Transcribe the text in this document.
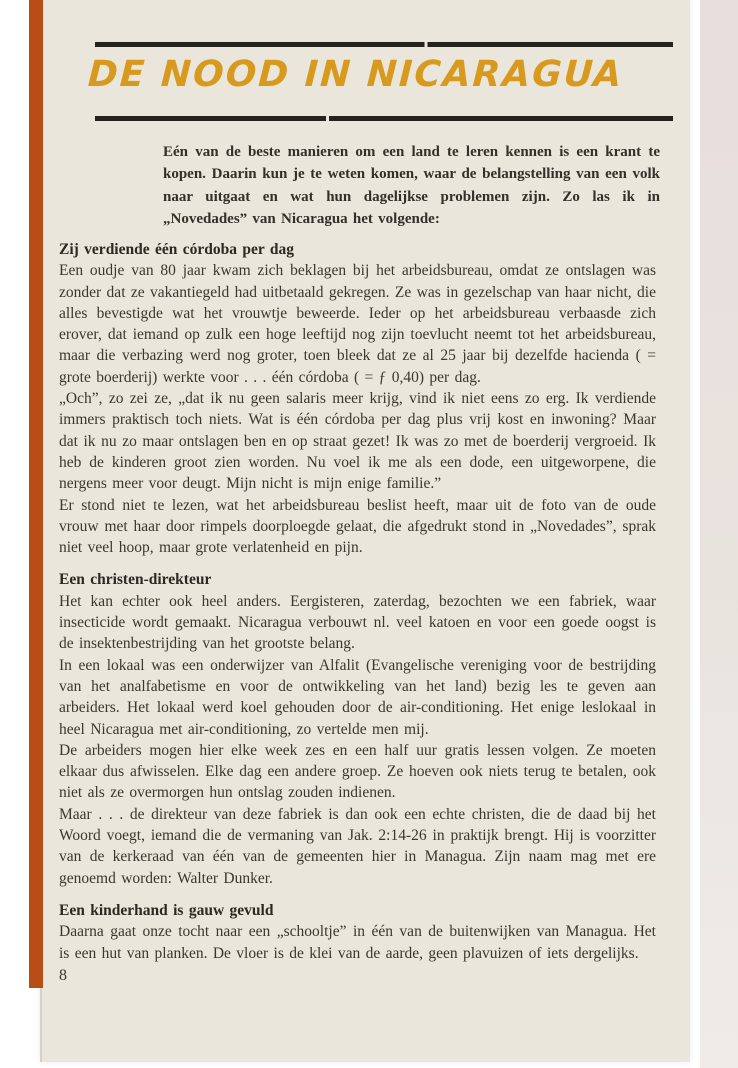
DE NOOD IN NICARAGUA

Eén van de beste manieren om een land te leren kennen is een krant te kopen. Daarin kun je te weten komen, waar de belangstelling van een volk naar uitgaat en wat hun dagelijkse problemen zijn. Zo las ik in „Novedades” van Nicaragua het volgende:

Zij verdiende één córdoba per dag

Een oudje van 80 jaar kwam zich beklagen bij het arbeidsbureau, omdat ze ontslagen was zonder dat ze vakantiegeld had uitbetaald gekregen. Ze was in gezelschap van haar nicht, die alles bevestigde wat het vrouwtje beweerde. Ieder op het arbeidsbureau verbaasde zich erover, dat iemand op zulk een hoge leeftijd nog zijn toevlucht neemt tot het arbeidsbureau, maar die verbazing werd nog groter, toen bleek dat ze al 25 jaar bij dezelfde hacienda ( = grote boerderij) werkte voor . . . één córdoba ( = ƒ 0,40) per dag.

„Och”, zo zei ze, „dat ik nu geen salaris meer krijg, vind ik niet eens zo erg. Ik verdiende immers praktisch toch niets. Wat is één córdoba per dag plus vrij kost en inwoning? Maar dat ik nu zo maar ontslagen ben en op straat gezet! Ik was zo met de boerderij vergroeid. Ik heb de kinderen groot zien worden. Nu voel ik me als een dode, een uitgeworpene, die nergens meer voor deugt. Mijn nicht is mijn enige familie.”

Er stond niet te lezen, wat het arbeidsbureau beslist heeft, maar uit de foto van de oude vrouw met haar door rimpels doorploegde gelaat, die afgedrukt stond in „Novedades”, sprak niet veel hoop, maar grote verlatenheid en pijn.

Een christen-direkteur

Het kan echter ook heel anders. Eergisteren, zaterdag, bezochten we een fabriek, waar insecticide wordt gemaakt. Nicaragua verbouwt nl. veel katoen en voor een goede oogst is de insektenbestrijding van het grootste belang.

In een lokaal was een onderwijzer van Alfalit (Evangelische vereniging voor de bestrijding van het analfabetisme en voor de ontwikkeling van het land) bezig les te geven aan arbeiders. Het lokaal werd koel gehouden door de air-conditioning. Het enige leslokaal in heel Nicaragua met air-conditioning, zo vertelde men mij.

De arbeiders mogen hier elke week zes en een half uur gratis lessen volgen. Ze moeten elkaar dus afwisselen. Elke dag een andere groep. Ze hoeven ook niets terug te betalen, ook niet als ze overmorgen hun ontslag zouden indienen.

Maar . . . de direkteur van deze fabriek is dan ook een echte christen, die de daad bij het Woord voegt, iemand die de vermaning van Jak. 2:14-26 in praktijk brengt. Hij is voorzitter van de kerkeraad van één van de gemeenten hier in Managua. Zijn naam mag met ere genoemd worden: Walter Dunker.

Een kinderhand is gauw gevuld

Daarna gaat onze tocht naar een „schooltje” in één van de buitenwijken van Managua. Het is een hut van planken. De vloer is de klei van de aarde, geen plavuizen of iets dergelijks.

8
